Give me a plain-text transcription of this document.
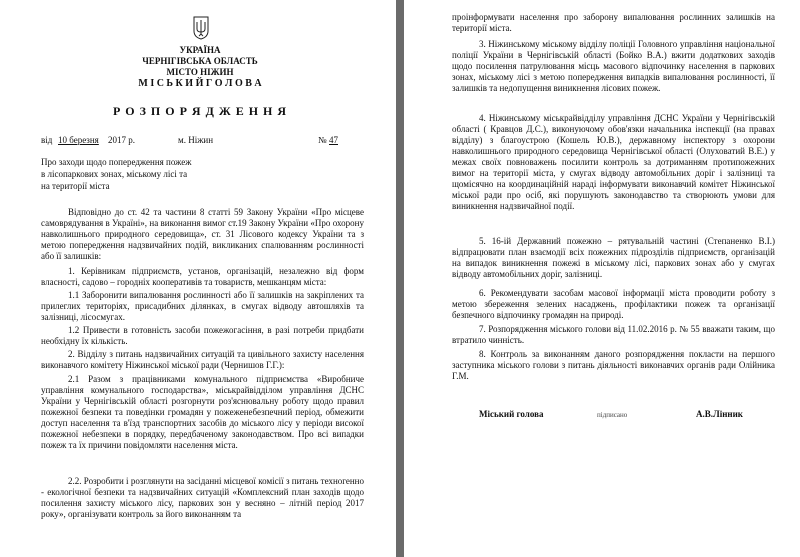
УКРАЇНА
ЧЕРНІГІВСЬКА ОБЛАСТЬ
МІСТО НІЖИН
М І С Ь К И Й Г О Л О В А
Р О З П О Р Я Д Ж Е Н Н Я
від 10 березня 2017 р.	м. Ніжин	№ 47
Про заходи щодо попередження пожеж
в лісопаркових зонах, міському лісі та
на території міста
Відповідно до ст. 42 та частини 8 статті 59 Закону України «Про місцеве самоврядування в Україні», на виконання вимог ст.19 Закону України «Про охорону навколишнього природного середовища», ст. 31 Лісового кодексу України та з метою попередження надзвичайних подій, викликаних спалюванням рослинності або її залишків:
1. Керівникам підприємств, установ, організацій, незалежно від форм власності, садово – городніх кооперативів та товариств, мешканцям міста:
1.1 Заборонити випалювання рослинності або її залишків на закріплених та прилеглих територіях, присадибних ділянках, в смугах відводу автошляхів та залізниці, лісосмугах.
1.2 Привести в готовність засоби пожежогасіння, в разі потреби придбати необхідну їх кількість.
2. Відділу з питань надзвичайних ситуацій та цивільного захисту населення виконавчого комітету Ніжинської міської ради (Чернишов Г.Г.):
2.1 Разом з працівниками комунального підприємства «Виробниче управління комунального господарства», міськрайвідділом управління ДСНС України у Чернігівській області розгорнути роз'яснювальну роботу щодо правил пожежної безпеки та поведінки громадян у пожеженебезпечний період, обмежити доступ населення та в'їзд транспортних засобів до міського лісу у періоди високої пожежної небезпеки в порядку, передбаченому законодавством. Про всі випадки пожеж та їх причини повідомляти населення міста.
2.2. Розробити і розглянути на засіданні місцевої комісії з питань техногенно - екологічної безпеки та надзвичайних ситуацій «Комплексний план заходів щодо посилення захисту міського лісу, паркових зон у весняно – літній період 2017 року», організувати контроль за його виконанням та
проінформувати населення про заборону випалювання рослинних залишків на території міста.
3. Ніжинському міському відділу поліції Головного управління національної поліції України в Чернігівській області (Бойко В.А.) вжити додаткових заходів щодо посилення патрулювання місць масового відпочинку населення в паркових зонах, міському лісі з метою попередження випадків випалювання рослинності, її залишків та недопущення виникнення лісових пожеж.
4. Ніжинському міськрайвідділу управління ДСНС України у Чернігівській області ( Кравцов Д.С.), виконуючому обов'язки начальника інспекції (на правах відділу) з благоустрою (Кошель Ю.В.), державному інспектору з охорони навколишнього природного середовища Чернігівської області (Олуховатий В.Е.) у межах своїх повноважень посилити контроль за дотриманням протипожежних вимог на території міста, у смугах відводу автомобільних доріг і залізниці та щомісячно на координаційній нараді інформувати виконавчий комітет Ніжинської міської ради про осіб, які порушують законодавство та створюють умови для виникнення надзвичайної події.
5. 16-ій Державний пожежно – рятувальній частині (Степаненко В.І.) відпрацювати план взаємодії всіх пожежних підрозділів підприємств, організацій на випадок виникнення пожежі в міському лісі, паркових зонах або у смугах відводу автомобільних доріг, залізниці.
6. Рекомендувати засобам масової інформації міста проводити роботу з метою збереження зелених насаджень, профілактики пожеж та організації безпечного відпочинку громадян на природі.
7. Розпорядження міського голови від 11.02.2016 р. № 55 вважати таким, що втратило чинність.
8. Контроль за виконанням даного розпорядження покласти на першого заступника міського голови з питань діяльності виконавчих органів ради Олійника Г.М.
Міський голова	підписано	А.В.Лінник
